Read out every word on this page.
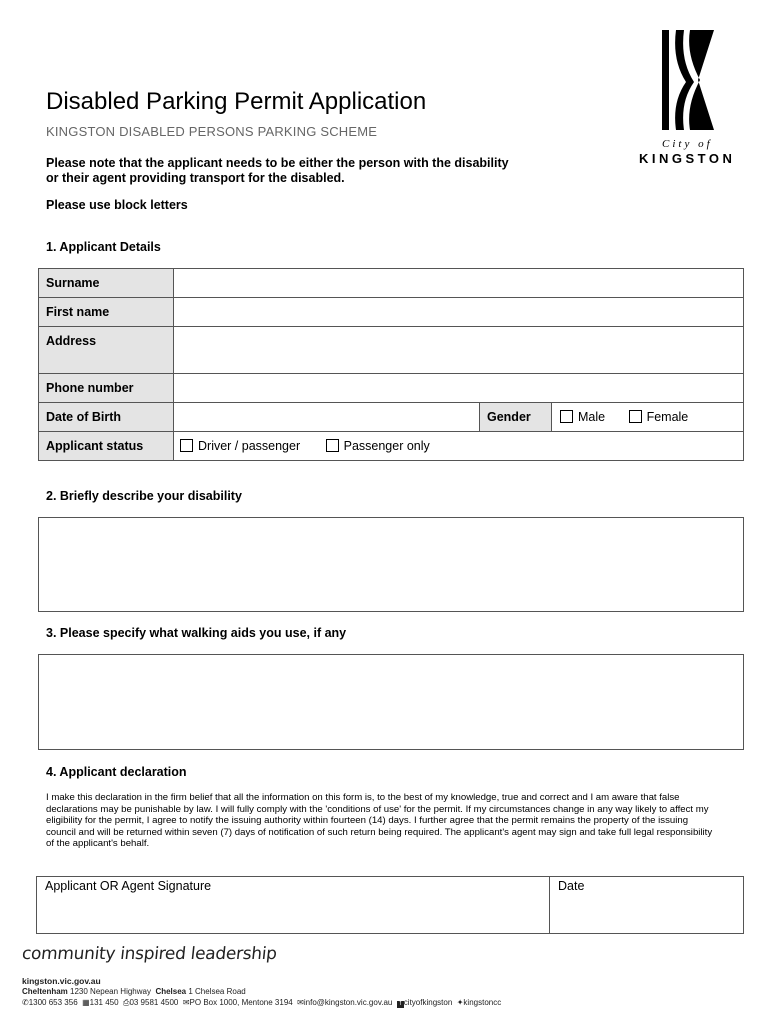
Disabled Parking Permit Application
KINGSTON DISABLED PERSONS PARKING SCHEME
Please note that the applicant needs to be either the person with the disability
or their agent providing transport for the disabled.
Please use block letters
City of
KINGSTON
1. Applicant Details
Surname			
First name			
Address			
Phone number			
Date of Birth		Gender	Male Female
Applicant status	Driver / passenger Passenger only		
2. Briefly describe your disability
3. Please specify what walking aids you use, if any
4. Applicant declaration
I make this declaration in the firm belief that all the information on this form is, to the best of my knowledge, true and correct and I am aware that false declarations may be punishable by law. I will fully comply with the 'conditions of use' for the permit. If my circumstances change in any way likely to affect my eligibility for the permit, I agree to notify the issuing authority within fourteen (14) days. I further agree that the permit remains the property of the issuing council and will be returned within seven (7) days of notification of such return being required. The applicant's agent may sign and take full legal responsibility of the applicant's behalf.
Applicant OR Agent Signature	Date
community inspired leadership
kingston.vic.gov.au
Cheltenham 1230 Nepean Highway Chelsea 1 Chelsea Road
✆1300 653 356 ▦131 450 ⎙03 9581 4500 ✉PO Box 1000, Mentone 3194 ✉info@kingston.vic.gov.au f cityofkingston ✦kingstoncc
